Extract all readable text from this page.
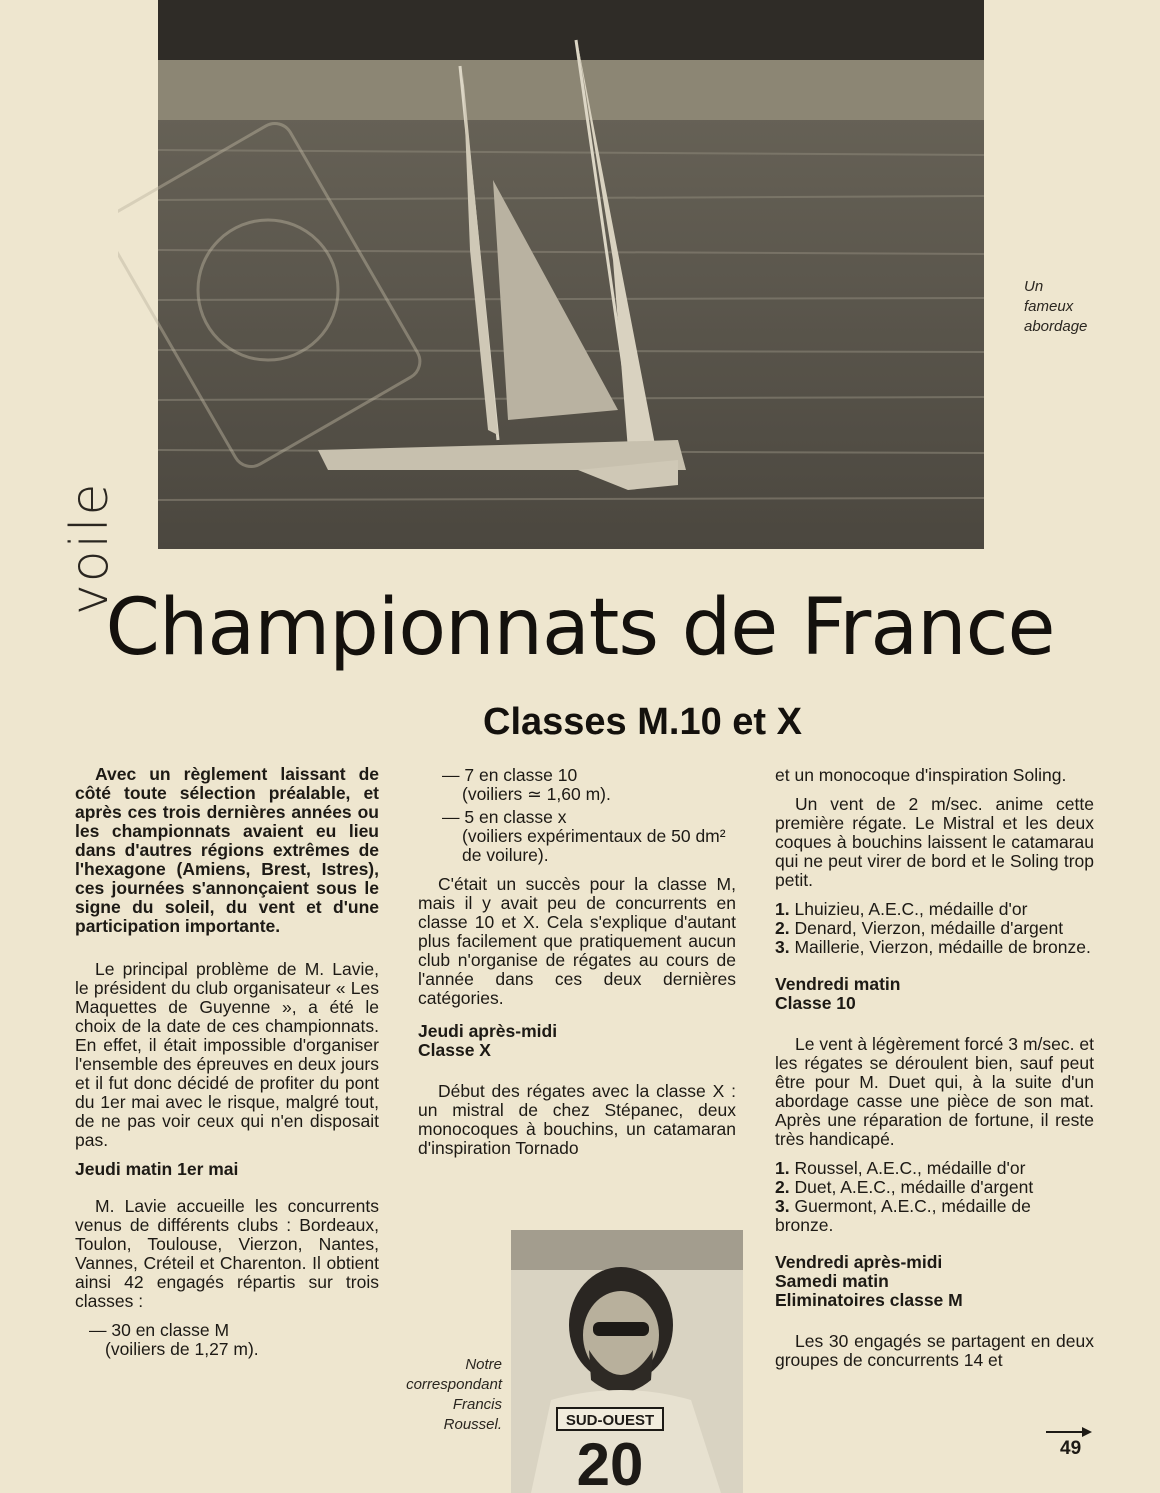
voile
Un
fameux
abordage
Championnats de France
Classes M.10 et X

Avec un règlement laissant de côté toute sélection préalable, et après ces trois dernières années ou les championnats avaient eu lieu dans d'autres régions extrêmes de l'hexagone (Amiens, Brest, Istres), ces journées s'annonçaient sous le signe du soleil, du vent et d'une participation importante.

Le principal problème de M. Lavie, le président du club organisateur « Les Maquettes de Guyenne », a été le choix de la date de ces championnats. En effet, il était impossible d'organiser l'ensemble des épreuves en deux jours et il fut donc décidé de profiter du pont du 1er mai avec le risque, malgré tout, de ne pas voir ceux qui n'en disposait pas.

Jeudi matin 1er mai

M. Lavie accueille les concurrents venus de différents clubs : Bordeaux, Toulon, Toulouse, Vierzon, Nantes, Vannes, Créteil et Charenton. Il obtient ainsi 42 engagés répartis sur trois classes :

— 30 en classe M
(voiliers de 1,27 m).
— 7 en classe 10
(voiliers ≃ 1,60 m).
— 5 en classe x
(voiliers expérimentaux de 50 dm² de voilure).

C'était un succès pour la classe M, mais il y avait peu de concurrents en classe 10 et X. Cela s'explique d'autant plus facilement que pratiquement aucun club n'organise de régates au cours de l'année dans ces deux dernières catégories.

Jeudi après-midi
Classe X

Début des régates avec la classe X : un mistral de chez Stépanec, deux monocoques à bouchins, un catamaran d'inspiration Tornado

et un monocoque d'inspiration Soling.

Un vent de 2 m/sec. anime cette première régate. Le Mistral et les deux coques à bouchins laissent le catamarau qui ne peut virer de bord et le Soling trop petit.

1. Lhuizieu, A.E.C., médaille d'or
2. Denard, Vierzon, médaille d'argent
3. Maillerie, Vierzon, médaille de bronze.

Vendredi matin
Classe 10

Le vent à légèrement forcé 3 m/sec. et les régates se déroulent bien, sauf peut être pour M. Duet qui, à la suite d'un abordage casse une pièce de son mat. Après une réparation de fortune, il reste très handicapé.

1. Roussel, A.E.C., médaille d'or
2. Duet, A.E.C., médaille d'argent
3. Guermont, A.E.C., médaille de bronze.

Vendredi après-midi
Samedi matin
Eliminatoires classe M

Les 30 engagés se partagent en deux groupes de concurrents 14 et

SUD-OUEST
20
Notre
correspondant
Francis
Roussel.
49
